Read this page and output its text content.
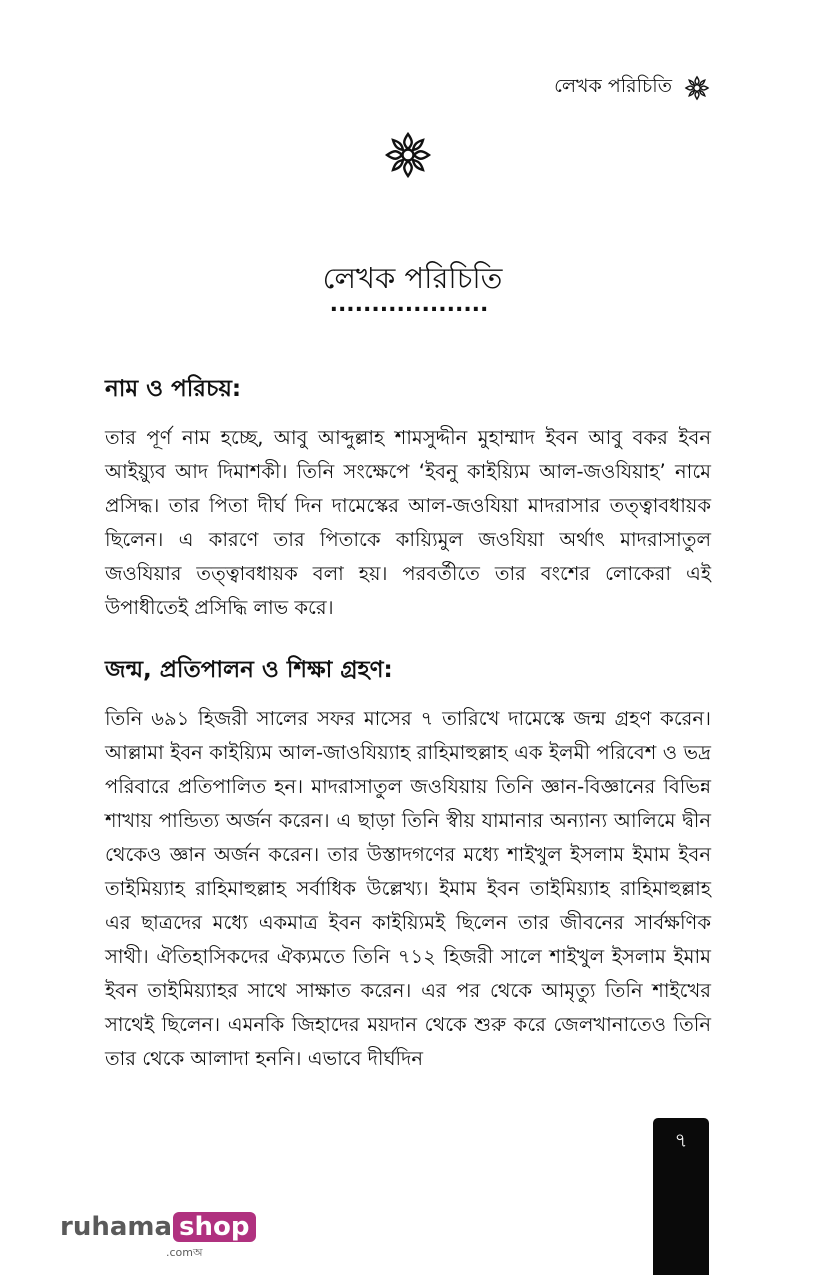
লেখক পরিচিতি
লেখক পরিচিতি
...................
নাম ও পরিচয়:

তার পূর্ণ নাম হচ্ছে, আবু আব্দুল্লাহ শামসুদ্দীন মুহাম্মাদ ইবন আবু বকর ইবন আইয়্যুব আদ দিমাশকী। তিনি সংক্ষেপে ‘ইবনু কাইয়্যিম আল-জওযিয়াহ’ নামে প্রসিদ্ধ। তার পিতা দীর্ঘ দিন দামেস্কের আল-জওযিয়া মাদরাসার তত্ত্বাবধায়ক ছিলেন। এ কারণে তার পিতাকে কায়্যিমুল জওযিয়া অর্থাৎ মাদরাসাতুল জওযিয়ার তত্ত্বাবধায়ক বলা হয়। পরবর্তীতে তার বংশের লোকেরা এই উপাধীতেই প্রসিদ্ধি লাভ করে।

জন্ম, প্রতিপালন ও শিক্ষা গ্রহণ:

তিনি ৬৯১ হিজরী সালের সফর মাসের ৭ তারিখে দামেস্কে জন্ম গ্রহণ করেন। আল্লামা ইবন কাইয়্যিম আল-জাওযিয়্যাহ রাহিমাহুল্লাহ এক ইলমী পরিবেশ ও ভদ্র পরিবারে প্রতিপালিত হন। মাদরাসাতুল জওযিয়ায় তিনি জ্ঞান-বিজ্ঞানের বিভিন্ন শাখায় পান্ডিত্য অর্জন করেন। এ ছাড়া তিনি স্বীয় যামানার অন্যান্য আলিমে দ্বীন থেকেও জ্ঞান অর্জন করেন। তার উস্তাদগণের মধ্যে শাইখুল ইসলাম ইমাম ইবন তাইমিয়্যাহ রাহিমাহুল্লাহ সর্বাধিক উল্লেখ্য। ইমাম ইবন তাইমিয়্যাহ রাহিমাহুল্লাহ এর ছাত্রদের মধ্যে একমাত্র ইবন কাইয়্যিমই ছিলেন তার জীবনের সার্বক্ষণিক সাথী। ঐতিহাসিকদের ঐক্যমতে তিনি ৭১২ হিজরী সালে শাইখুল ইসলাম ইমাম ইবন তাইমিয়্যাহর সাথে সাক্ষাত করেন। এর পর থেকে আমৃত্যু তিনি শাইখের সাথেই ছিলেন। এমনকি জিহাদের ময়দান থেকে শুরু করে জেলখানাতেও তিনি তার থেকে আলাদা হননি। এভাবে দীর্ঘদিন

৭
ruhama shop
.comঅ
